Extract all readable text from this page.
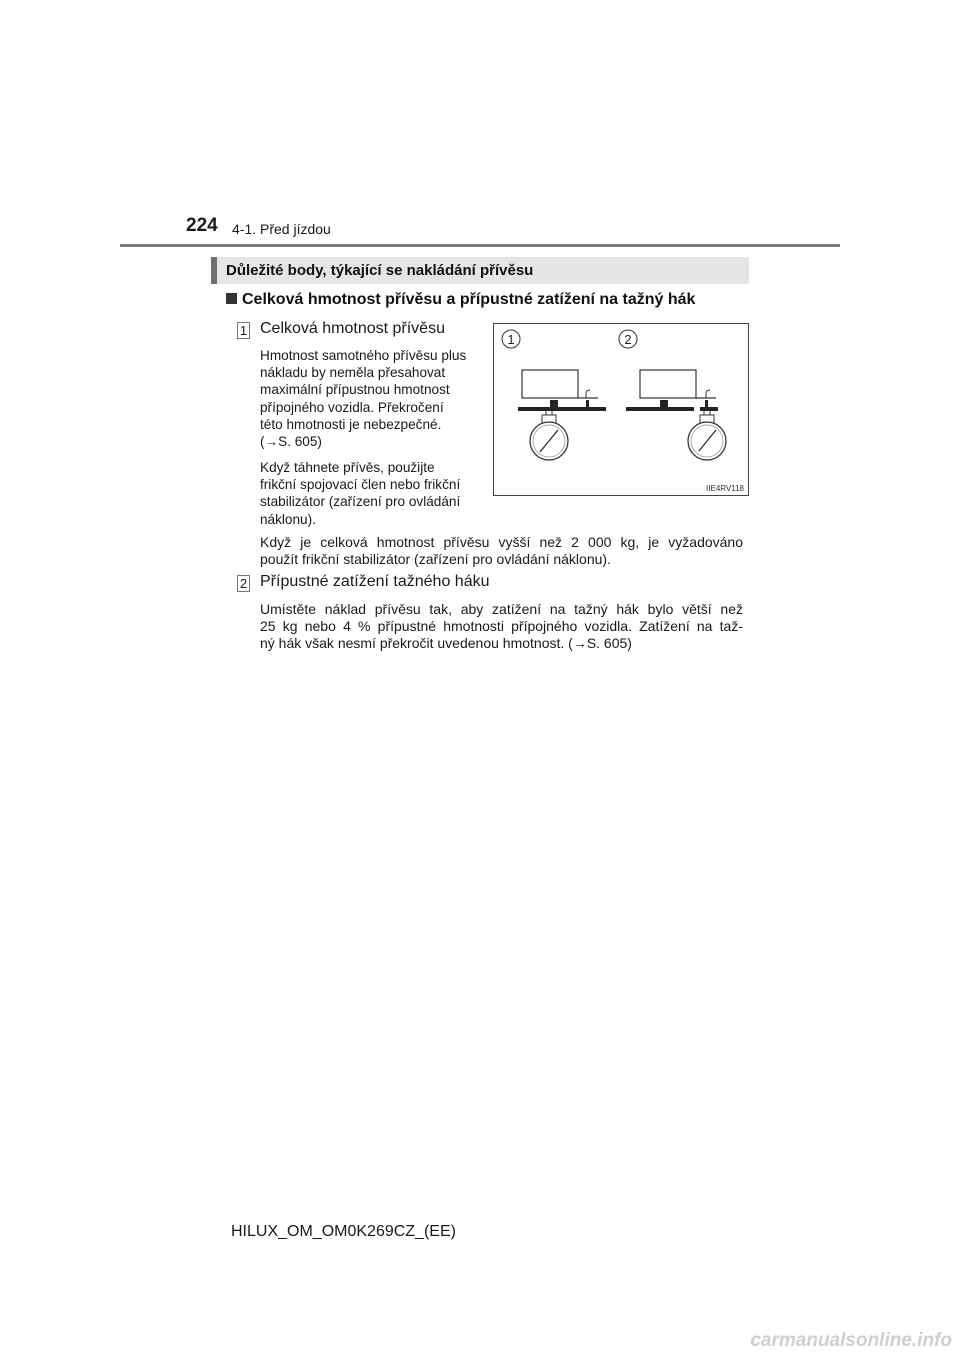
224 4-1. Před jízdou
Důležité body, týkající se nakládání přívěsu
Celková hmotnost přívěsu a přípustné zatížení na tažný hák
1 Celková hmotnost přívěsu
Hmotnost samotného přívěsu plus
nákladu by neměla přesahovat
maximální přípustnou hmotnost
přípojného vozidla. Překročení
této hmotnosti je nebezpečné.
(→S. 605)
Když táhnete přívěs, použijte
frikční spojovací člen nebo frikční
stabilizátor (zařízení pro ovládání
náklonu).
Když je celková hmotnost přívěsu vyšší než 2 000 kg, je vyžadováno
použít frikční stabilizátor (zařízení pro ovládání náklonu).
1	2
IIE4RV118
2 Přípustné zatížení tažného háku
Umístěte náklad přívěsu tak, aby zatížení na tažný hák bylo větší než
25 kg nebo 4 % přípustné hmotnosti přípojného vozidla. Zatížení na taž-
ný hák však nesmí překročit uvedenou hmotnost. (→S. 605)
HILUX_OM_OM0K269CZ_(EE)
carmanualsonline.info
